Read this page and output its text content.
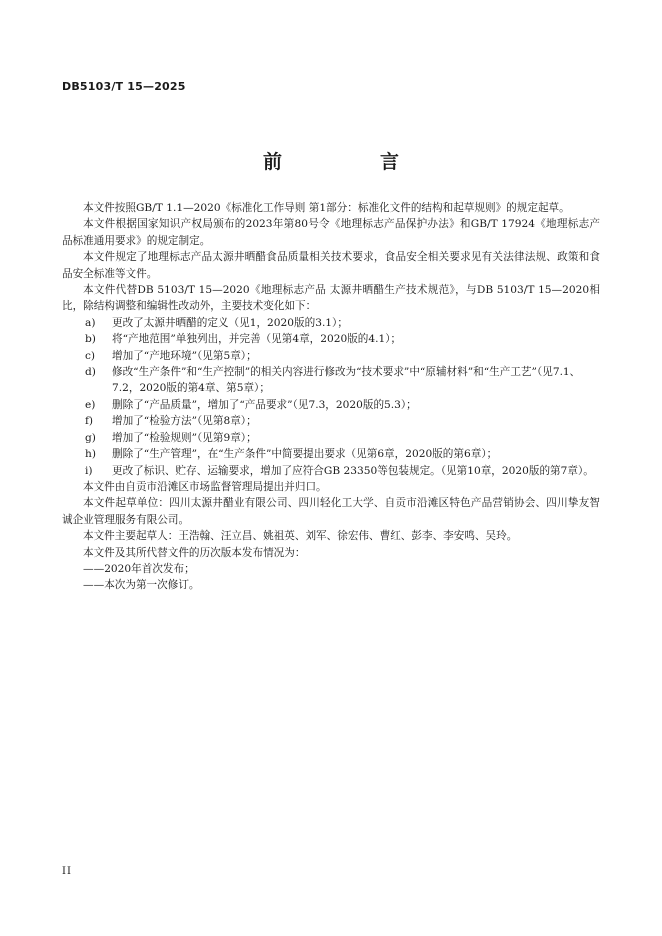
DB5103/T 15—2025
前　　言

本文件按照GB/T 1.1—2020《标准化工作导则 第1部分：标准化文件的结构和起草规则》的规定起草。

本文件根据国家知识产权局颁布的2023年第80号令《地理标志产品保护办法》和GB/T 17924《地理标志产品标准通用要求》的规定制定。

本文件规定了地理标志产品太源井晒醋食品质量相关技术要求，食品安全相关要求见有关法律法规、政策和食品安全标准等文件。

本文件代替DB 5103/T 15—2020《地理标志产品 太源井晒醋生产技术规范》，与DB 5103/T 15—2020相比，除结构调整和编辑性改动外，主要技术变化如下：

a) 更改了太源井晒醋的定义（见1，2020版的3.1）；
b) 将“产地范围”单独列出，并完善（见第4章，2020版的4.1）；
c) 增加了“产地环境”（见第5章）；
d) 修改“生产条件”和“生产控制”的相关内容进行修改为“技术要求”中“原辅材料”和“生产工艺”（见7.1、7.2，2020版的第4章、第5章）；
e) 删除了“产品质量”，增加了“产品要求”（见7.3，2020版的5.3）；
f) 增加了“检验方法”（见第8章）；
g) 增加了“检验规则”（见第9章）；
h) 删除了“生产管理”，在“生产条件”中简要提出要求（见第6章，2020版的第6章）；
i) 更改了标识、贮存、运输要求，增加了应符合GB 23350等包装规定。（见第10章，2020版的第7章）。

本文件由自贡市沿滩区市场监督管理局提出并归口。

本文件起草单位：四川太源井醋业有限公司、四川轻化工大学、自贡市沿滩区特色产品营销协会、四川挚友智诚企业管理服务有限公司。

本文件主要起草人：王浩翰、汪立昌、姚祖英、刘军、徐宏伟、曹红、彭李、李安鸣、吴玲。

本文件及其所代替文件的历次版本发布情况为：

——2020年首次发布；

——本次为第一次修订。

II
